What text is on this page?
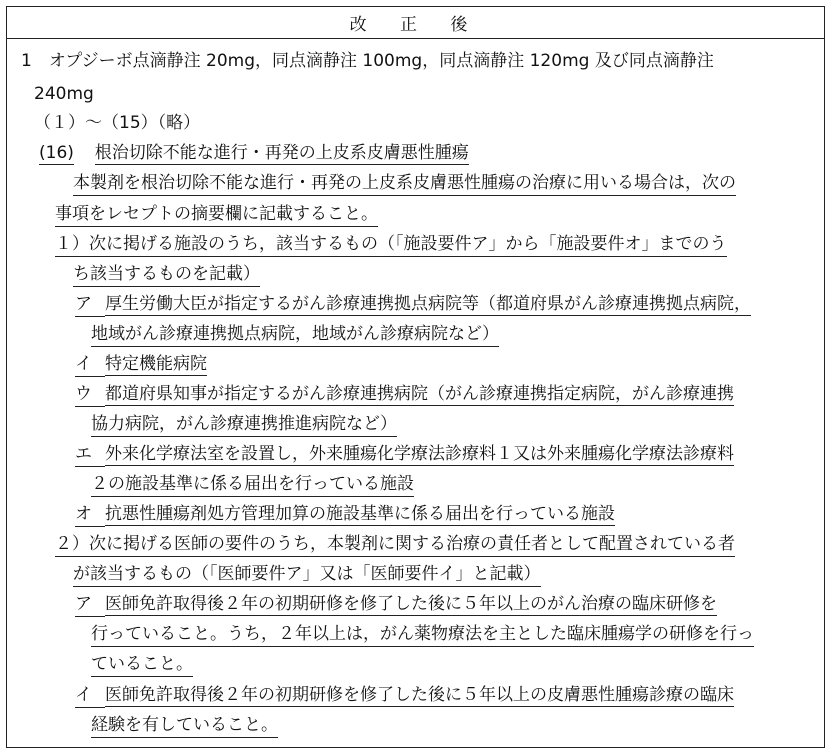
改 正 後
1　オプジーボ点滴静注 20mg，同点滴静注 100mg，同点滴静注 120mg 及び同点滴静注
240mg
（１）～（15）（略）
(16) 根治切除不能な進行・再発の上皮系皮膚悪性腫瘍
本製剤を根治切除不能な進行・再発の上皮系皮膚悪性腫瘍の治療に用いる場合は，次の
事項をレセプトの摘要欄に記載すること。
１）次に掲げる施設のうち，該当するもの（「施設要件ア」から「施設要件オ」までのう
ち該当するものを記載）
ア 厚生労働大臣が指定するがん診療連携拠点病院等（都道府県がん診療連携拠点病院，
地域がん診療連携拠点病院，地域がん診療病院など）
イ 特定機能病院
ウ 都道府県知事が指定するがん診療連携病院（がん診療連携指定病院，がん診療連携
協力病院，がん診療連携推進病院など）
エ 外来化学療法室を設置し，外来腫瘍化学療法診療料１又は外来腫瘍化学療法診療料
２の施設基準に係る届出を行っている施設
オ 抗悪性腫瘍剤処方管理加算の施設基準に係る届出を行っている施設
２）次に掲げる医師の要件のうち，本製剤に関する治療の責任者として配置されている者
が該当するもの（「医師要件ア」又は「医師要件イ」と記載）
ア 医師免許取得後２年の初期研修を修了した後に５年以上のがん治療の臨床研修を
行っていること。うち，２年以上は，がん薬物療法を主とした臨床腫瘍学の研修を行っ
ていること。
イ 医師免許取得後２年の初期研修を修了した後に５年以上の皮膚悪性腫瘍診療の臨床
経験を有していること。
